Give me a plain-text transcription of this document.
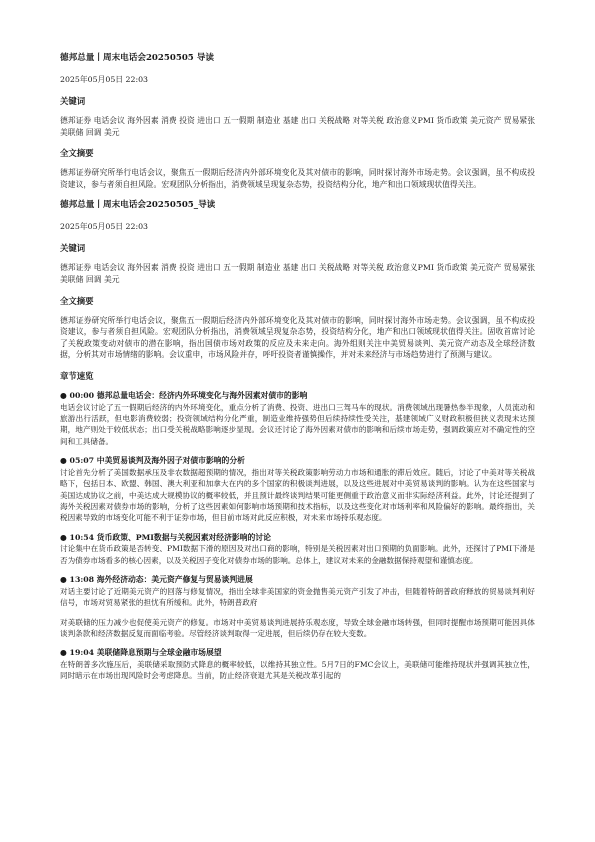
德邦总量丨周末电话会20250505 导读
2025年05月05日 22:03
关键词
德邦证券 电话会议 海外因素 消费 投资 进出口 五一假期 制造业 基建 出口 关税战略 对等关税 政治意义PMI 货币政策 美元资产 贸易紧张 美联储 回调 美元
全文摘要
德邦证券研究所举行电话会议，聚焦五一假期后经济内外部环境变化及其对债市的影响，同时探讨海外市场走势。会议强调，虽不构成投资建议，参与者须自担风险。宏观团队分析指出，消费领域呈现复杂态势，投资结构分化，地产和出口领域现状值得关注。
德邦总量丨周末电话会20250505_导读
2025年05月05日 22:03
关键词
德邦证券 电话会议 海外因素 消费 投资 进出口 五一假期 制造业 基建 出口 关税战略 对等关税 政治意义PMI 货币政策 美元资产 贸易紧张 美联储 回调 美元
全文摘要
德邦证券研究所举行电话会议，聚焦五一假期后经济内外部环境变化及其对债市的影响，同时探讨海外市场走势。会议强调，虽不构成投资建议，参与者须自担风险。宏观团队分析指出，消费领域呈现复杂态势，投资结构分化，地产和出口领域现状值得关注。固收首席讨论了关税政策变动对债市的潜在影响，指出国债市场对政策的反应及未来走向。海外组则关注中美贸易谈判、美元资产动态及全球经济数据，分析其对市场情绪的影响。会议重申，市场风险并存，呼吁投资者谨慎操作，并对未来经济与市场趋势进行了预测与建议。
章节速览
● 00:00 德邦总量电话会：经济内外环境变化与海外因素对债市的影响
电话会议讨论了五一假期后经济的内外环境变化，重点分析了消费、投资、进出口三驾马车的现状。消费领域出现暑热参半现象，人员流动和旅游出行活跃，但电影消费较弱；投资领域结构分化严重，制造业维持强势但后续持续性受关注，基建领域广义财政积极但狭义表现未达预期，地产则处于较低状态；出口受关税战略影响逐步显现。会议还讨论了海外因素对债市的影响和后续市场走势，强调政策应对不确定性的空间和工具储备。
● 05:07 中美贸易谈判及海外因子对债市影响的分析
讨论首先分析了美国数据承压及非农数据超预期的情况，指出对等关税政策影响劳动力市场和通胀的滞后效应。随后，讨论了中美对等关税战略下，包括日本、欧盟、韩国、澳大利亚和加拿大在内的多个国家的积极谈判进展，以及这些进展对中美贸易谈判的影响。认为在这些国家与美国达成协议之前，中美达成大规模协议的概率较低，并且预计最终谈判结果可能更侧重于政治意义而非实际经济利益。此外，讨论还提到了海外关税因素对债券市场的影响，分析了这些因素如何影响市场预期和技术指标，以及这些变化对市场利率和风险偏好的影响。最终指出，关税因素导致的市场变化可能不利于证券市场，但目前市场对此反应积极，对未来市场持乐观态度。
● 10:54 货币政策、PMI数据与关税因素对经济影响的讨论
讨论集中在货币政策是否转变、PMI数据下滑的原因及对出口商的影响，特别是关税因素对出口预期的负面影响。此外，还探讨了PMI下滑是否为债券市场看多的核心因素，以及关税因子变化对债券市场的影响。总体上，建议对未来的金融数据保持观望和谨慎态度。
● 13:08 海外经济动态：美元资产修复与贸易谈判进展
对话主要讨论了近期美元资产的回落与修复情况，指出全球非美国家的资金抛售美元资产引发了冲击，但随着特朗普政府释放的贸易谈判利好信号，市场对贸易紧张的担忧有所缓和。此外，特朗普政府
对美联储的压力减少也促使美元资产的修复。市场对中美贸易谈判进展持乐观态度，导致全球金融市场转强，但同时提醒市场预期可能因具体谈判条款和经济数据反复而面临考验。尽管经济谈判取得一定进展，但后续仍存在较大变数。
● 19:04 美联储降息预期与全球金融市场展望
在特朗普多次施压后，美联储采取预防式降息的概率较低，以维持其独立性。5月7日的FMC会议上，美联储可能维持现状并强调其独立性，同时暗示在市场出现风险时会考虑降息。当前，防止经济衰退尤其是关税改革引起的
